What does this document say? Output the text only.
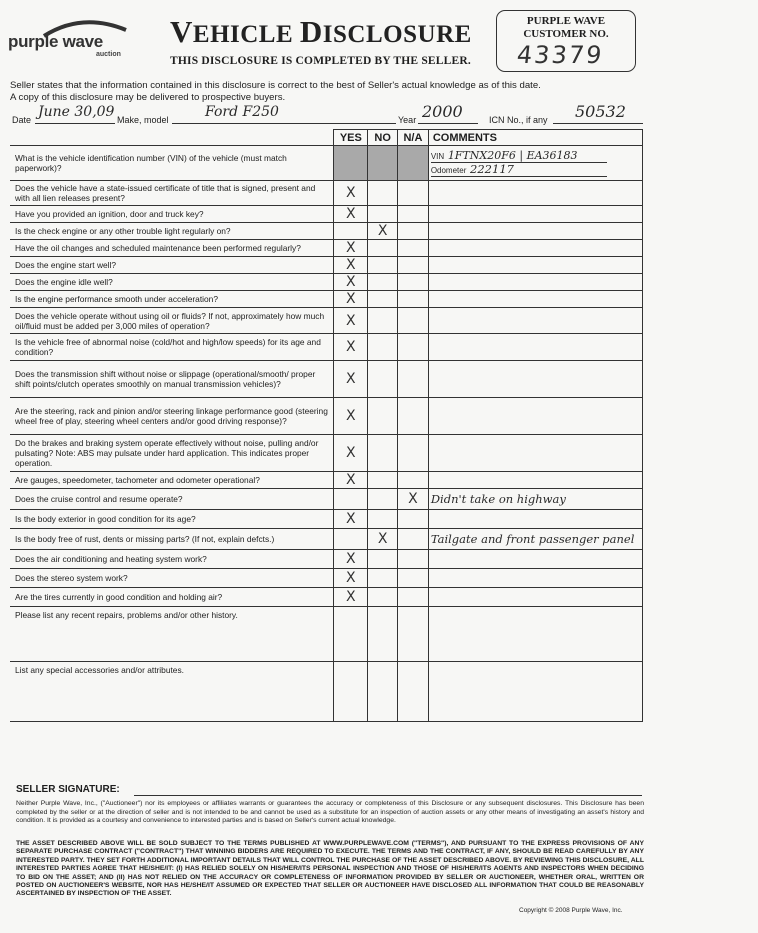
purple wave
auction
VEHICLE DISCLOSURE
THIS DISCLOSURE IS COMPLETED BY THE SELLER.
PURPLE WAVE
CUSTOMER NO.
43379
Seller states that the information contained in this disclosure is correct to the best of Seller's actual knowledge as of this date.
A copy of this disclosure may be delivered to prospective buyers.
Date June 30,09 Make, model	Ford F250	Year 2000	ICN No., if any 50532
	YES	NO	N/A	COMMENTS
What is the vehicle identification number (VIN) of the vehicle (must match paperwork)?				VIN 1FTNX20F6 | EA36183
Odometer 222117

Does the vehicle have a state-issued certificate of title that is signed, present and with all lien releases present?	X			
Have you provided an ignition, door and truck key?	X			
Is the check engine or any other trouble light regularly on?		X		
Have the oil changes and scheduled maintenance been performed regularly?	X			
Does the engine start well?	X			
Does the engine idle well?	X			
Is the engine performance smooth under acceleration?	X			
Does the vehicle operate without using oil or fluids? If not, approximately how much oil/fluid must be added per 3,000 miles of operation?	X			
Is the vehicle free of abnormal noise (cold/hot and high/low speeds) for its age and condition?	X			
Does the transmission shift without noise or slippage (operational/smooth/ proper shift points/clutch operates smoothly on manual transmission vehicles)?	X			
Are the steering, rack and pinion and/or steering linkage performance good (steering wheel free of play, steering wheel centers and/or good driving response)?	X			
Do the brakes and braking system operate effectively without noise, pulling and/or pulsating? Note: ABS may pulsate under hard application. This indicates proper operation.	X			
Are gauges, speedometer, tachometer and odometer operational?	X			
Does the cruise control and resume operate?			X	Didn't take on highway
Is the body exterior in good condition for its age?	X			
Is the body free of rust, dents or missing parts? (If not, explain defcts.)		X		Tailgate and front passenger panel
Does the air conditioning and heating system work?	X			
Does the stereo system work?	X			
Are the tires currently in good condition and holding air?	X			
Please list any recent repairs, problems and/or other history.				
List any special accessories and/or attributes.				
SELLER SIGNATURE:
Neither Purple Wave, Inc., ("Auctioneer") nor its employees or affiliates warrants or guarantees the accuracy or completeness of this Disclosure or any subsequent disclosures. This Disclosure has been completed by the seller or at the direction of seller and is not intended to be and cannot be used as a substitute for an inspection of auction assets or any other means of investigating an asset's history and condition. It is provided as a courtesy and convenience to interested parties and is based on Seller's current actual knowledge.
THE ASSET DESCRIBED ABOVE WILL BE SOLD SUBJECT TO THE TERMS PUBLISHED AT WWW.PURPLEWAVE.COM ("TERMS"), AND PURSUANT TO THE EXPRESS PROVISIONS OF ANY SEPARATE PURCHASE CONTRACT ("CONTRACT") THAT WINNING BIDDERS ARE REQUIRED TO EXECUTE. THE TERMS AND THE CONTRACT, IF ANY, SHOULD BE READ CAREFULLY BY ANY INTERESTED PARTY. THEY SET FORTH ADDITIONAL IMPORTANT DETAILS THAT WILL CONTROL THE PURCHASE OF THE ASSET DESCRIBED ABOVE. BY REVIEWING THIS DISCLOSURE, ALL INTERESTED PARTIES AGREE THAT HE/SHE/IT: (I) HAS RELIED SOLELY ON HIS/HER/ITS PERSONAL INSPECTION AND THOSE OF HIS/HER/ITS AGENTS AND INSPECTORS WHEN DECIDING TO BID ON THE ASSET; AND (II) HAS NOT RELIED ON THE ACCURACY OR COMPLETENESS OF INFORMATION PROVIDED BY SELLER OR AUCTIONEER, WHETHER ORAL, WRITTEN OR POSTED ON AUCTIONEER'S WEBSITE, NOR HAS HE/SHE/IT ASSUMED OR EXPECTED THAT SELLER OR AUCTIONEER HAVE DISCLOSED ALL INFORMATION THAT COULD BE REASONABLY ASCERTAINED BY INSPECTION OF THE ASSET.
Copyright © 2008 Purple Wave, Inc.
